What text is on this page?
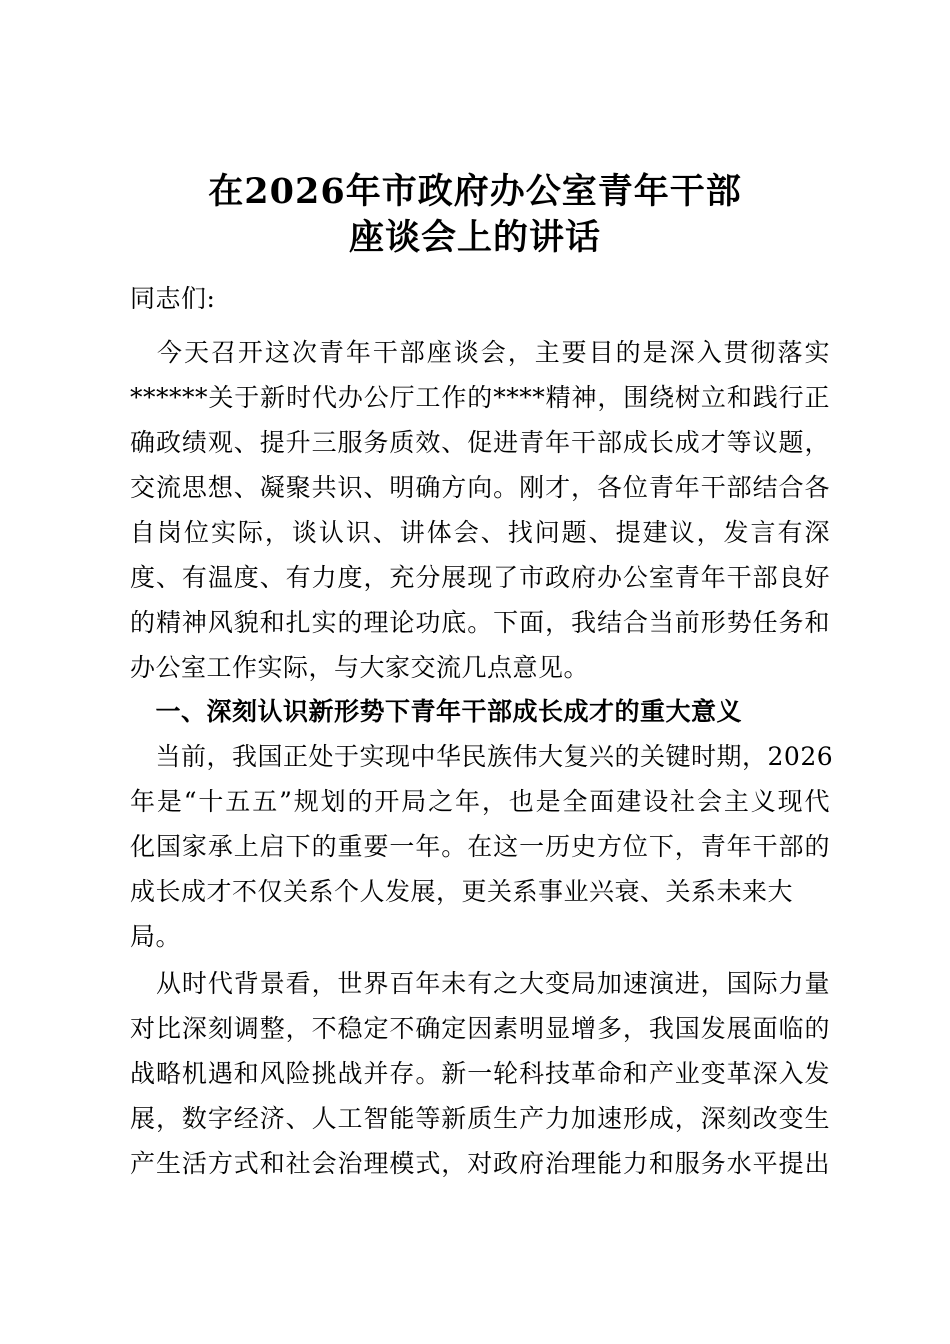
在2026年市政府办公室青年干部
座谈会上的讲话
同志们:
　今天召开这次青年干部座谈会，主要目的是深入贯彻落实
******关于新时代办公厅工作的****精神，围绕树立和践行正
确政绩观、提升三服务质效、促进青年干部成长成才等议题，
交流思想、凝聚共识、明确方向。刚才，各位青年干部结合各
自岗位实际，谈认识、讲体会、找问题、提建议，发言有深
度、有温度、有力度，充分展现了市政府办公室青年干部良好
的精神风貌和扎实的理论功底。下面，我结合当前形势任务和
办公室工作实际，与大家交流几点意见。
　一、深刻认识新形势下青年干部成长成才的重大意义
　当前，我国正处于实现中华民族伟大复兴的关键时期，2026
年是“十五五”规划的开局之年，也是全面建设社会主义现代
化国家承上启下的重要一年。在这一历史方位下，青年干部的
成长成才不仅关系个人发展，更关系事业兴衰、关系未来大
局。
　从时代背景看，世界百年未有之大变局加速演进，国际力量
对比深刻调整，不稳定不确定因素明显增多，我国发展面临的
战略机遇和风险挑战并存。新一轮科技革命和产业变革深入发
展，数字经济、人工智能等新质生产力加速形成，深刻改变生
产生活方式和社会治理模式，对政府治理能力和服务水平提出
